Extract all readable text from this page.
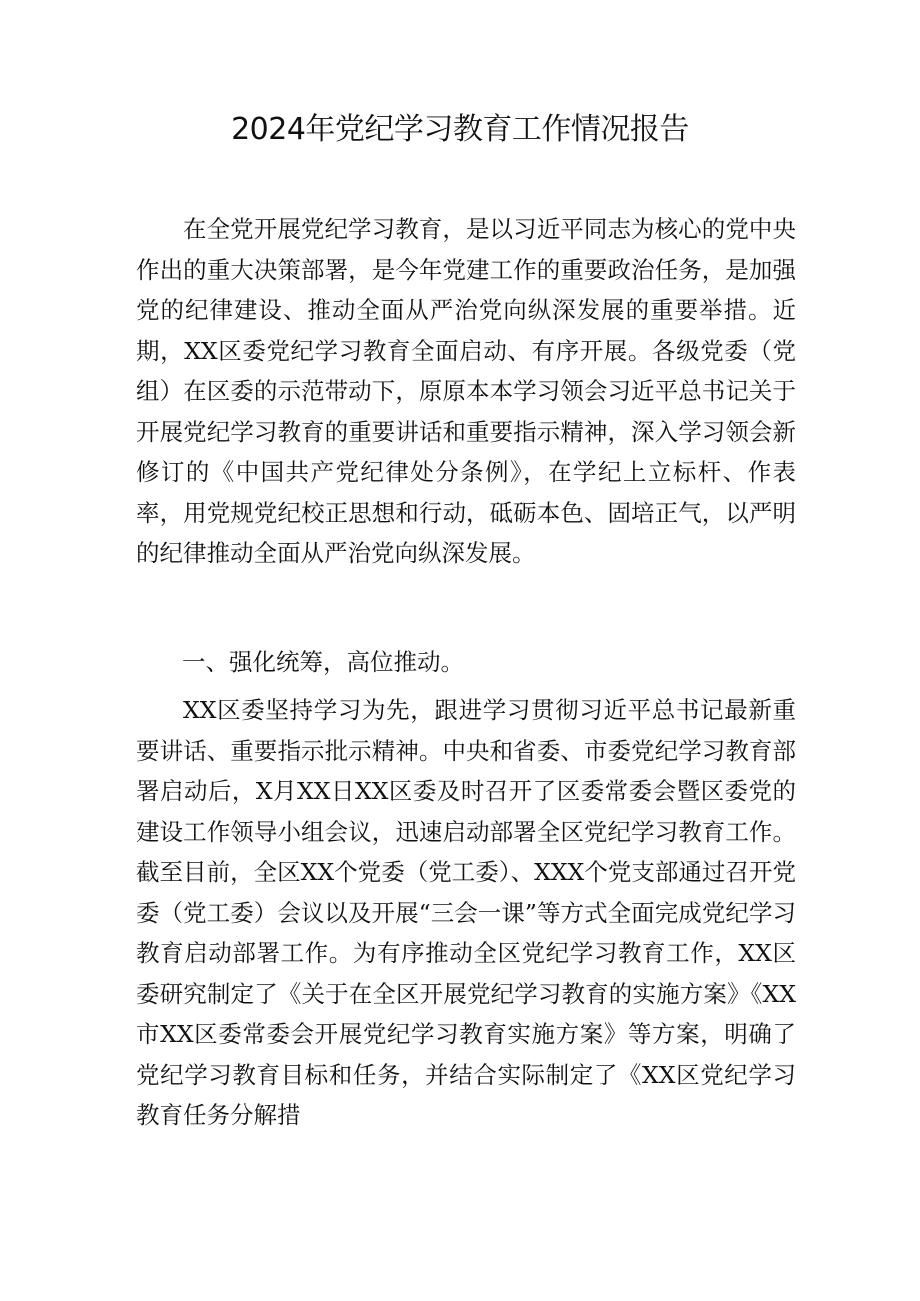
2024年党纪学习教育工作情况报告

在全党开展党纪学习教育，是以习近平同志为核心的党中央作出的重大决策部署，是今年党建工作的重要政治任务，是加强党的纪律建设、推动全面从严治党向纵深发展的重要举措。近期，XX区委党纪学习教育全面启动、有序开展。各级党委（党组）在区委的示范带动下，原原本本学习领会习近平总书记关于开展党纪学习教育的重要讲话和重要指示精神，深入学习领会新修订的《中国共产党纪律处分条例》，在学纪上立标杆、作表率，用党规党纪校正思想和行动，砥砺本色、固培正气，以严明的纪律推动全面从严治党向纵深发展。

一、强化统筹，高位推动。

XX区委坚持学习为先，跟进学习贯彻习近平总书记最新重要讲话、重要指示批示精神。中央和省委、市委党纪学习教育部署启动后，X月XX日XX区委及时召开了区委常委会暨区委党的建设工作领导小组会议，迅速启动部署全区党纪学习教育工作。截至目前，全区XX个党委（党工委）、XXX个党支部通过召开党委（党工委）会议以及开展“三会一课”等方式全面完成党纪学习教育启动部署工作。为有序推动全区党纪学习教育工作，XX区委研究制定了《关于在全区开展党纪学习教育的实施方案》《XX市XX区委常委会开展党纪学习教育实施方案》等方案，明确了党纪学习教育目标和任务，并结合实际制定了《XX区党纪学习教育任务分解措
